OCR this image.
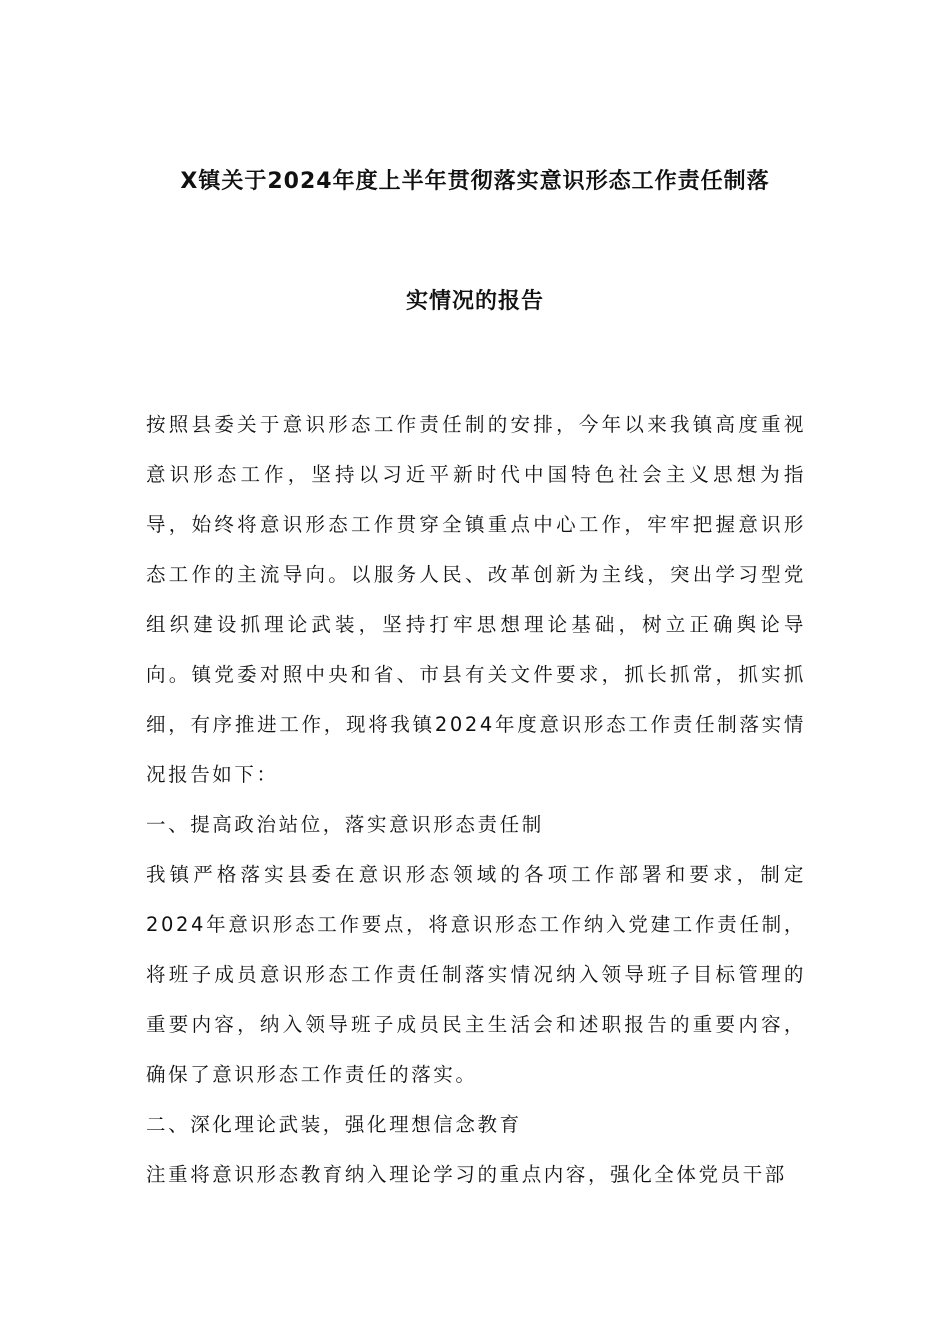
X镇关于2024年度上半年贯彻落实意识形态工作责任制落
实情况的报告

按照县委关于意识形态工作责任制的安排，今年以来我镇高度重视意识形态工作，坚持以习近平新时代中国特色社会主义思想为指导，始终将意识形态工作贯穿全镇重点中心工作，牢牢把握意识形态工作的主流导向。以服务人民、改革创新为主线，突出学习型党组织建设抓理论武装，坚持打牢思想理论基础，树立正确舆论导向。镇党委对照中央和省、市县有关文件要求，抓长抓常，抓实抓细，有序推进工作，现将我镇2024年度意识形态工作责任制落实情况报告如下：

一、提高政治站位，落实意识形态责任制

我镇严格落实县委在意识形态领域的各项工作部署和要求，制定2024年意识形态工作要点，将意识形态工作纳入党建工作责任制，将班子成员意识形态工作责任制落实情况纳入领导班子目标管理的重要内容，纳入领导班子成员民主生活会和述职报告的重要内容，确保了意识形态工作责任的落实。

二、深化理论武装，强化理想信念教育

注重将意识形态教育纳入理论学习的重点内容，强化全体党员干部
